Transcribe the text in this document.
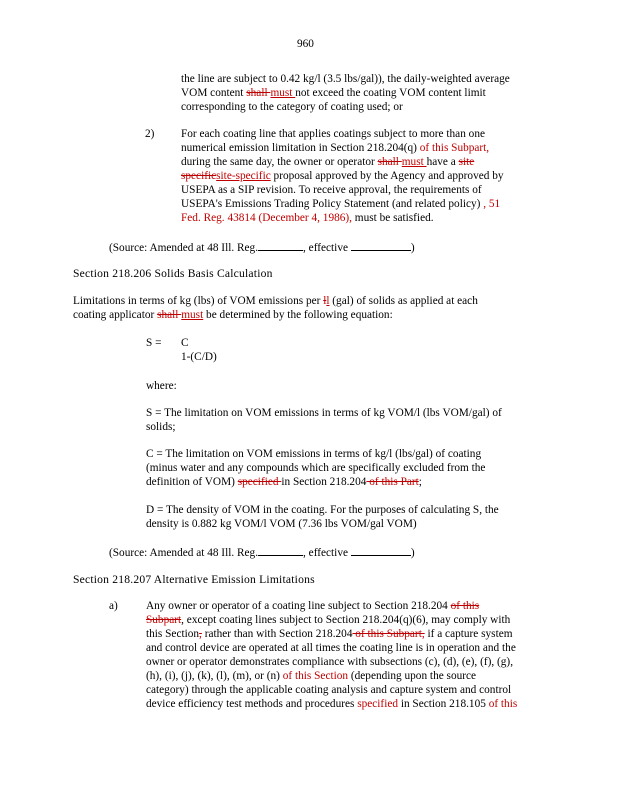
960
the line are subject to 0.42 kg/l (3.5 lbs/gal)), the daily-weighted average
VOM content shall must not exceed the coating VOM content limit
corresponding to the category of coating used; or
2) For each coating line that applies coatings subject to more than one
numerical emission limitation in Section 218.204(q) of this Subpart,
during the same day, the owner or operator shall must have a site
specificsite-specific proposal approved by the Agency and approved by
USEPA as a SIP revision. To receive approval, the requirements of
USEPA's Emissions Trading Policy Statement (and related policy) , 51
Fed. Reg. 43814 (December 4, 1986), must be satisfied.
(Source: Amended at 48 Ill. Reg.	, effective	)
Section 218.206 Solids Basis Calculation
Limitations in terms of kg (lbs) of VOM emissions per ll (gal) of solids as applied at each
coating applicator shall must be determined by the following equation:
S = C
1-(C/D)
where:
S = The limitation on VOM emissions in terms of kg VOM/l (lbs VOM/gal) of
solids;
C = The limitation on VOM emissions in terms of kg/l (lbs/gal) of coating
(minus water and any compounds which are specifically excluded from the
definition of VOM) specified in Section 218.204 of this Part;
D = The density of VOM in the coating. For the purposes of calculating S, the
density is 0.882 kg VOM/l VOM (7.36 lbs VOM/gal VOM)
(Source: Amended at 48 Ill. Reg.	, effective	)
Section 218.207 Alternative Emission Limitations
a) Any owner or operator of a coating line subject to Section 218.204 of this
Subpart, except coating lines subject to Section 218.204(q)(6), may comply with
this Section, rather than with Section 218.204 of this Subpart, if a capture system
and control device are operated at all times the coating line is in operation and the
owner or operator demonstrates compliance with subsections (c), (d), (e), (f), (g),
(h), (i), (j), (k), (l), (m), or (n) of this Section (depending upon the source
category) through the applicable coating analysis and capture system and control
device efficiency test methods and procedures specified in Section 218.105 of this
